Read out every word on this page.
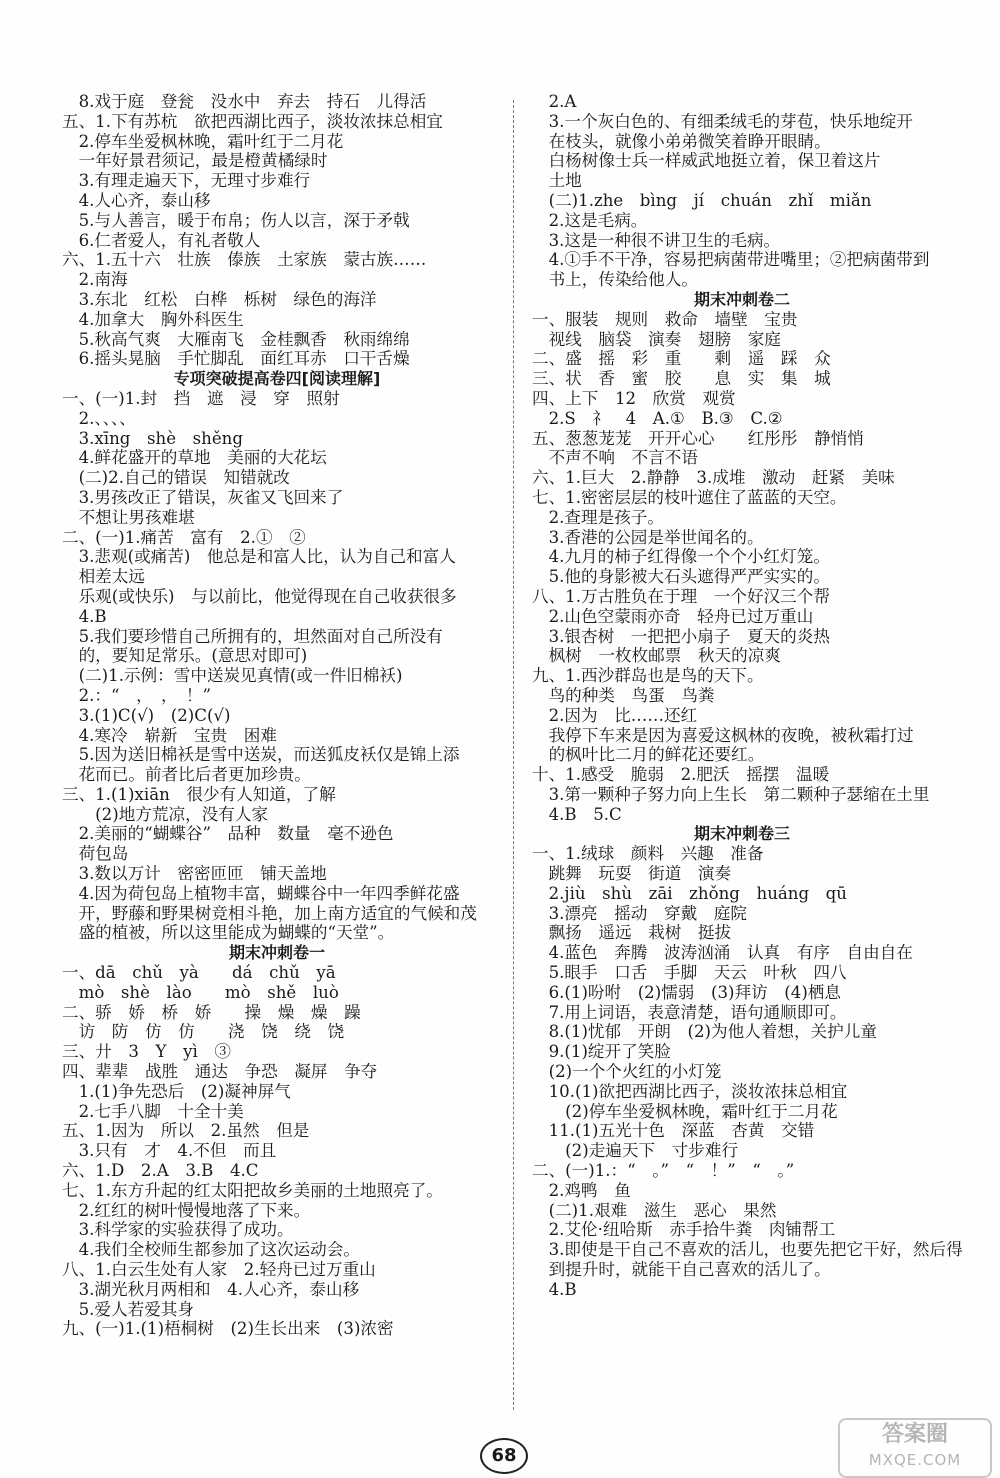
　8.戏于庭　登瓮　没水中　弃去　持石　儿得活
五、1.下有苏杭　欲把西湖比西子，淡妆浓抹总相宜
　2.停车坐爱枫林晚，霜叶红于二月花
　一年好景君须记，最是橙黄橘绿时
　3.有理走遍天下，无理寸步难行
　4.人心齐，泰山移
　5.与人善言，暖于布帛；伤人以言，深于矛戟
　6.仁者爱人，有礼者敬人
六、1.五十六　壮族　傣族　土家族　蒙古族……
　2.南海
　3.东北　红松　白桦　栎树　绿色的海洋
　4.加拿大　胸外科医生
　5.秋高气爽　大雁南飞　金桂飘香　秋雨绵绵
　6.摇头晃脑　手忙脚乱　面红耳赤　口干舌燥
专项突破提高卷四[阅读理解]
一、(一)1.封　挡　遮　浸　穿　照射
　2.、、、、
　3.xīng　shè　shěng
　4.鲜花盛开的草地　美丽的大花坛
　(二)2.自己的错误　知错就改
　3.男孩改正了错误，灰雀又飞回来了
　不想让男孩难堪
二、(一)1.痛苦　富有　2.①　②
　3.悲观(或痛苦)　他总是和富人比，认为自己和富人
　相差太远
　乐观(或快乐)　与以前比，他觉得现在自己收获很多
　4.B
　5.我们要珍惜自己所拥有的，坦然面对自己所没有
　的，要知足常乐。(意思对即可)
　(二)1.示例：雪中送炭见真情(或一件旧棉袄)
　2.：“　，　，　！”
　3.(1)C(√)　(2)C(√)
　4.寒冷　崭新　宝贵　困难
　5.因为送旧棉袄是雪中送炭，而送狐皮袄仅是锦上添
　花而已。前者比后者更加珍贵。
三、1.(1)xiān　很少有人知道，了解
　　(2)地方荒凉，没有人家
　2.美丽的“蝴蝶谷”　品种　数量　毫不逊色
　荷包岛
　3.数以万计　密密匝匝　铺天盖地
　4.因为荷包岛上植物丰富，蝴蝶谷中一年四季鲜花盛
　开，野藤和野果树竞相斗艳，加上南方适宜的气候和茂
　盛的植被，所以这里能成为蝴蝶的“天堂”。
期末冲刺卷一
一、dā　chǔ　yà　　dá　chǔ　yā
　mò　shè　lào　　mò　shě　luò
二、骄　娇　桥　娇　　操　燥　燥　躁
　访　防　仿　仿　　浇　饶　绕　饶
三、廾　3　Y　yì　③
四、辈辈　战胜　通达　争恐　凝屏　争夺
　1.(1)争先恐后　(2)凝神屏气
　2.七手八脚　十全十美
五、1.因为　所以　2.虽然　但是
　3.只有　才　4.不但　而且
六、1.D　2.A　3.B　4.C
七、1.东方升起的红太阳把故乡美丽的土地照亮了。
　2.红红的树叶慢慢地落了下来。
　3.科学家的实验获得了成功。
　4.我们全校师生都参加了这次运动会。
八、1.白云生处有人家　2.轻舟已过万重山
　3.湖光秋月两相和　4.人心齐，泰山移
　5.爱人若爱其身
九、(一)1.(1)梧桐树　(2)生长出来　(3)浓密
　2.A
　3.一个灰白色的、有细柔绒毛的芽苞，快乐地绽开
　在枝头，就像小弟弟微笑着睁开眼睛。
　白杨树像士兵一样威武地挺立着，保卫着这片
　土地
　(二)1.zhe　bìng　jí　chuán　zhǐ　miǎn
　2.这是毛病。
　3.这是一种很不讲卫生的毛病。
　4.①手不干净，容易把病菌带进嘴里；②把病菌带到
　书上，传染给他人。
期末冲刺卷二
一、服装　规则　救命　墙壁　宝贵
　视线　脑袋　演奏　翅膀　家庭
二、盛　摇　彩　重　　剩　遥　踩　众
三、状　香　蜜　胶　　息　实　集　城
四、上下　12　欣赏　观赏
　2.S　礻　4　A.①　B.③　C.②
五、葱葱茏茏　开开心心　　红彤彤　静悄悄
　不声不响　不言不语
六、1.巨大　2.静静　3.成堆　激动　赶紧　美味
七、1.密密层层的枝叶遮住了蓝蓝的天空。
　2.查理是孩子。
　3.香港的公园是举世闻名的。
　4.九月的柿子红得像一个个小红灯笼。
　5.他的身影被大石头遮得严严实实的。
八、1.万古胜负在于理　一个好汉三个帮
　2.山色空蒙雨亦奇　轻舟已过万重山
　3.银杏树　一把把小扇子　夏天的炎热
　枫树　一枚枚邮票　秋天的凉爽
九、1.西沙群岛也是鸟的天下。
　鸟的种类　鸟蛋　鸟粪
　2.因为　比……还红
　我停下车来是因为喜爱这枫林的夜晚，被秋霜打过
　的枫叶比二月的鲜花还要红。
十、1.感受　脆弱　2.肥沃　摇摆　温暖
　3.第一颗种子努力向上生长　第二颗种子瑟缩在土里
　4.B　5.C
期末冲刺卷三
一、1.绒球　颜料　兴趣　准备
　跳舞　玩耍　街道　演奏
　2.jiù　shù　zāi　zhǒng　huáng　qū
　3.漂亮　摇动　穿戴　庭院
　飘扬　遥远　栽树　挺拔
　4.蓝色　奔腾　波涛汹涌　认真　有序　自由自在
　5.眼手　口舌　手脚　天云　叶秋　四八
　6.(1)吩咐　(2)懦弱　(3)拜访　(4)栖息
　7.用上词语，表意清楚，语句通顺即可。
　8.(1)忧郁　开朗　(2)为他人着想，关护儿童
　9.(1)绽开了笑脸
　(2)一个个火红的小灯笼
　10.(1)欲把西湖比西子，淡妆浓抹总相宜
　　(2)停车坐爱枫林晚，霜叶红于二月花
　11.(1)五光十色　深蓝　杏黄　交错
　　(2)走遍天下　寸步难行
二、(一)1.：“　。”　“　！”　“　。”
　2.鸡鸭　鱼
　(二)1.艰难　滋生　恶心　果然
　2.艾伦·纽哈斯　赤手拾牛粪　肉铺帮工
　3.即使是干自己不喜欢的活儿，也要先把它干好，然后得
　到提升时，就能干自己喜欢的活儿了。
　4.B
68
答案圈
MXQE.COM
